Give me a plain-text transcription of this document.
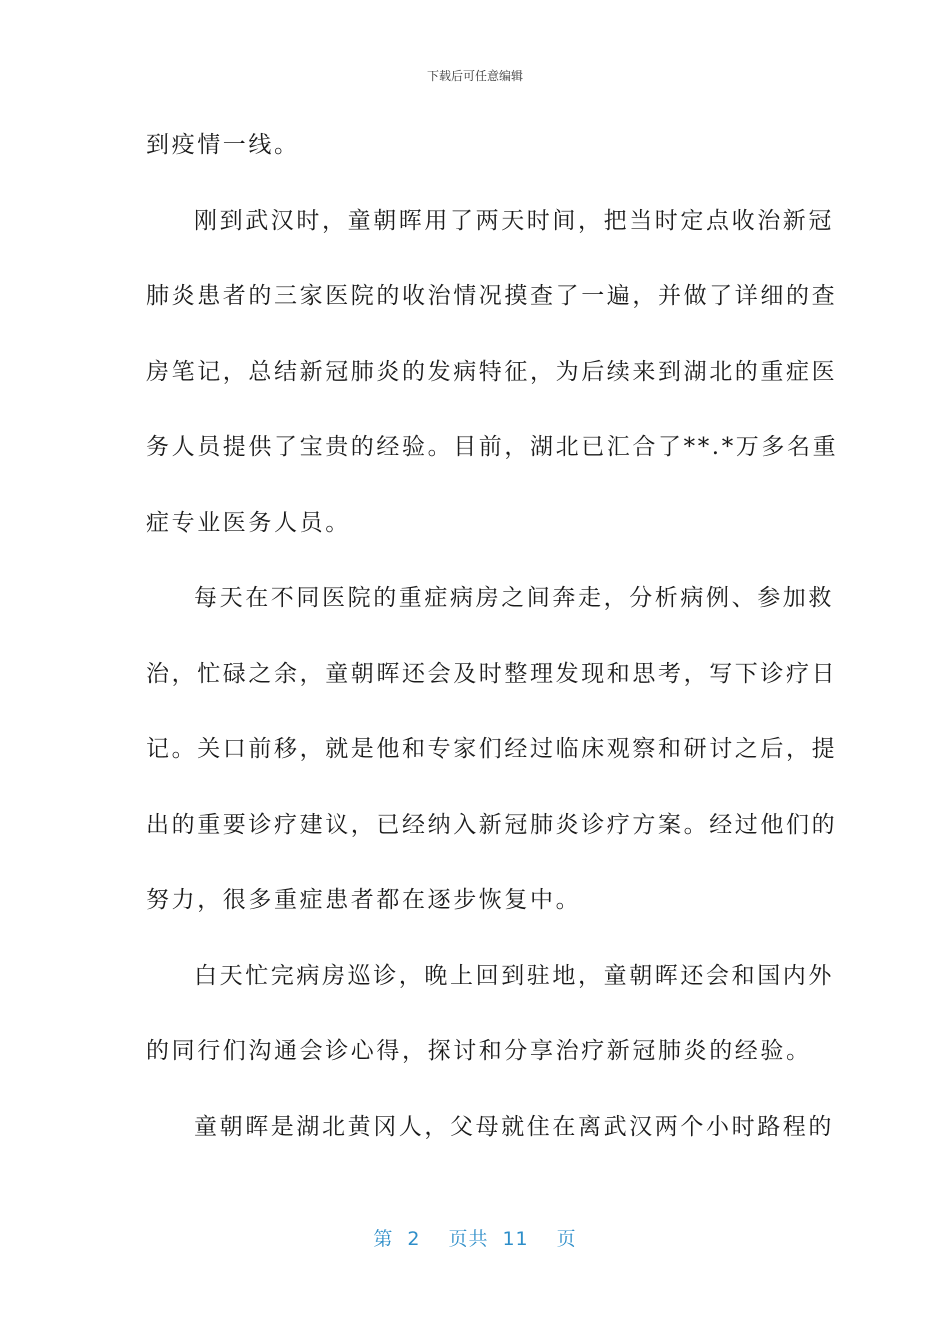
下载后可任意编辑
到疫情一线。
刚到武汉时，童朝晖用了两天时间，把当时定点收治新冠
肺炎患者的三家医院的收治情况摸查了一遍，并做了详细的查
房笔记，总结新冠肺炎的发病特征，为后续来到湖北的重症医
务人员提供了宝贵的经验。目前，湖北已汇合了**.*万多名重
症专业医务人员。
每天在不同医院的重症病房之间奔走，分析病例、参加救
治，忙碌之余，童朝晖还会及时整理发现和思考，写下诊疗日
记。关口前移，就是他和专家们经过临床观察和研讨之后，提
出的重要诊疗建议，已经纳入新冠肺炎诊疗方案。经过他们的
努力，很多重症患者都在逐步恢复中。
白天忙完病房巡诊，晚上回到驻地，童朝晖还会和国内外
的同行们沟通会诊心得，探讨和分享治疗新冠肺炎的经验。
童朝晖是湖北黄冈人，父母就住在离武汉两个小时路程的
第 2 页共 11 页
